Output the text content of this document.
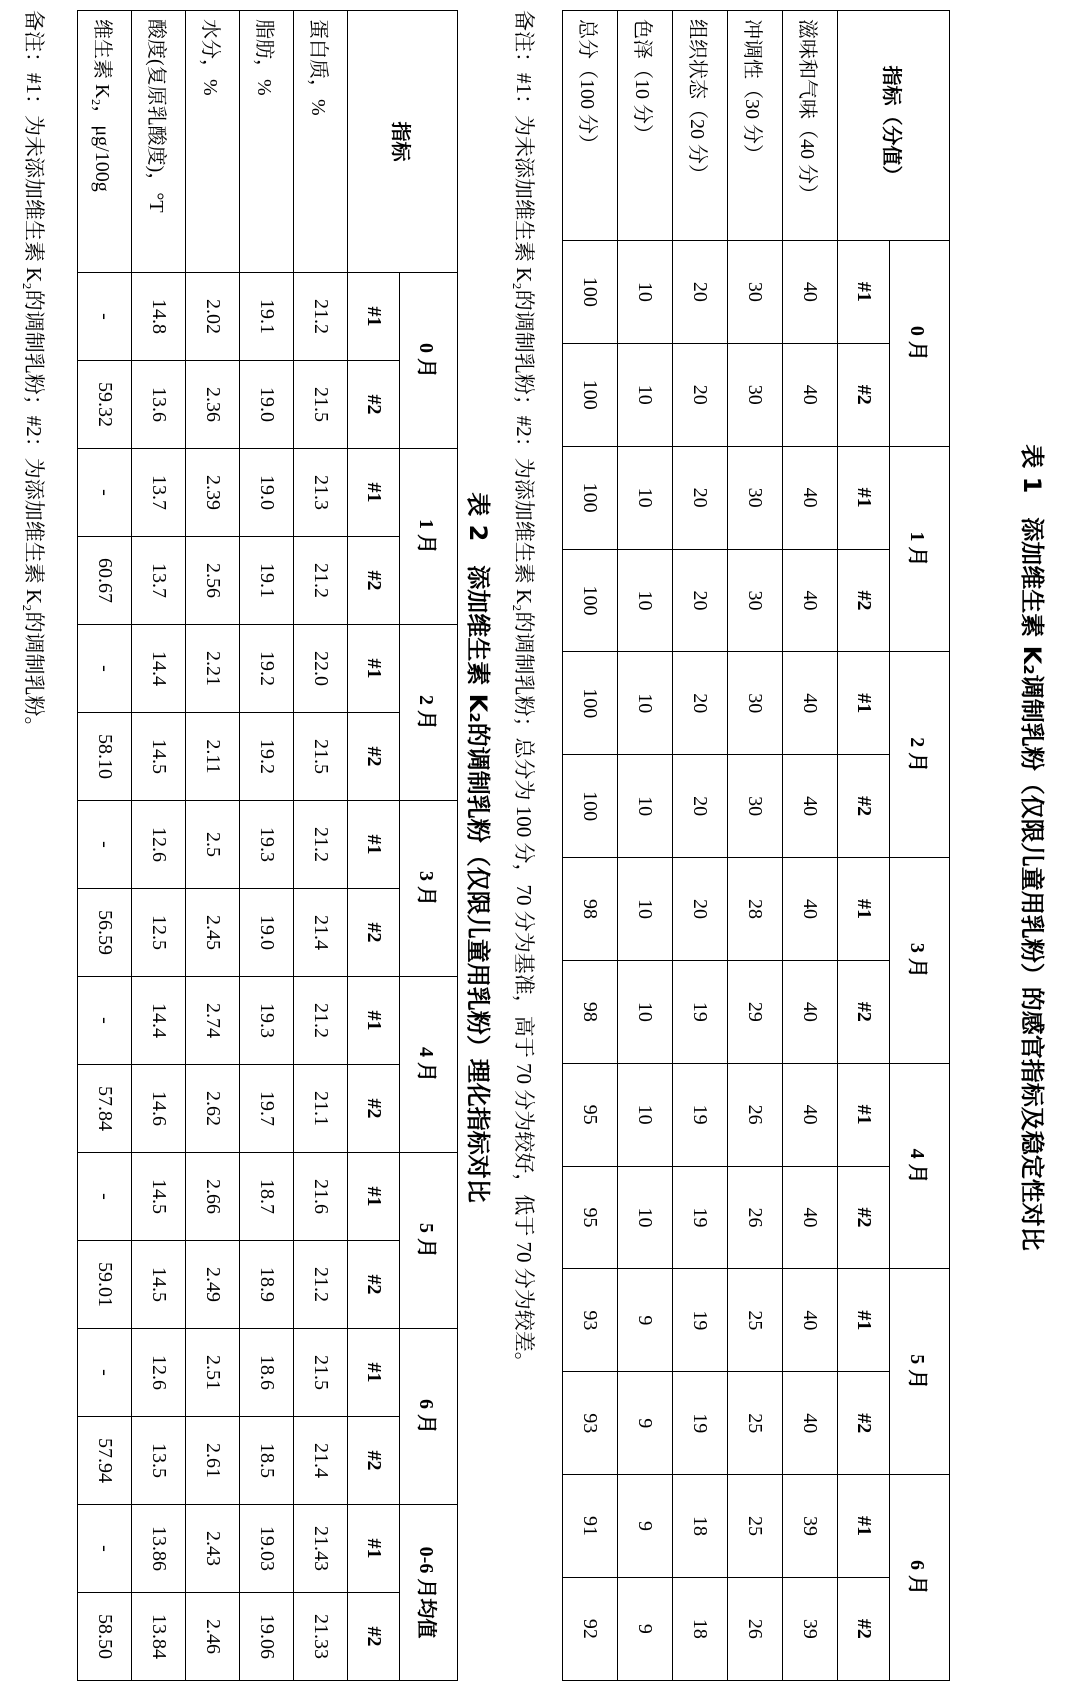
表 1　添加维生素 K₂调制乳粉（仅限儿童用乳粉）的感官指标及稳定性对比
指标（分值）	0 月		1 月		2 月		3 月		4 月		5 月		6 月	
	#1	#2	#1	#2	#1	#2	#1	#2	#1	#2	#1	#2	#1	#2
滋味和气味（40 分）	40	40	40	40	40	40	40	40	40	40	40	40	39	39
冲调性（30 分）	30	30	30	30	30	30	28	29	26	26	25	25	25	26
组织状态（20 分）	20	20	20	20	20	20	20	19	19	19	19	19	18	18
色泽（10 分）	10	10	10	10	10	10	10	10	10	10	9	9	9	9
总分（100 分）	100	100	100	100	100	100	98	98	95	95	93	93	91	92
备注：#1：为未添加维生素 K₂的调制乳粉；#2：为添加维生素 K₂的调制乳粉；总分为 100 分，70 分为基准，高于 70 分为较好，低于 70 分为较差。
表 2　添加维生素 K₂的调制乳粉（仅限儿童用乳粉）理化指标对比
指标	0 月		1 月		2 月		3 月		4 月		5 月		6 月		0-6 月均值	
	#1	#2	#1	#2	#1	#2	#1	#2	#1	#2	#1	#2	#1	#2	#1	#2
蛋白质，%	21.2	21.5	21.3	21.2	22.0	21.5	21.2	21.4	21.2	21.1	21.6	21.2	21.5	21.4	21.43	21.33
脂肪，%	19.1	19.0	19.0	19.1	19.2	19.2	19.3	19.0	19.3	19.7	18.7	18.9	18.6	18.5	19.03	19.06
水分，%	2.02	2.36	2.39	2.56	2.21	2.11	2.5	2.45	2.74	2.62	2.66	2.49	2.51	2.61	2.43	2.46
酸度(复原乳酸度)，°T	14.8	13.6	13.7	13.7	14.4	14.5	12.6	12.5	14.4	14.6	14.5	14.5	12.6	13.5	13.86	13.84
维生素 K₂，μg/100g	-	59.32	-	60.67	-	58.10	-	56.59	-	57.84	-	59.01	-	57.94	-	58.50
备注：#1：为未添加维生素 K₂的调制乳粉；#2：为添加维生素 K₂的调制乳粉。
